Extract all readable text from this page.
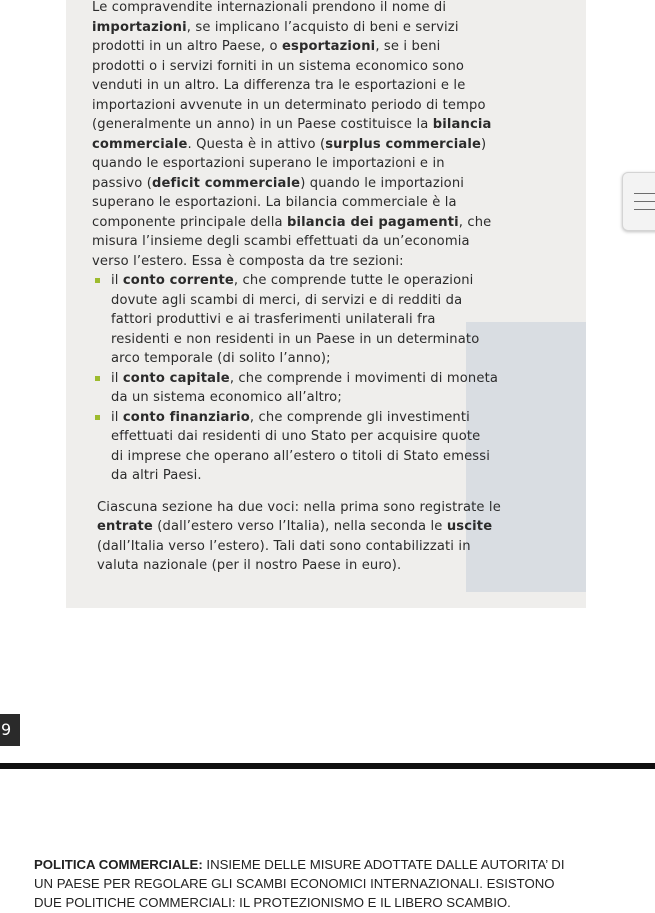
Le compravendite internazionali prendono il nome di
importazioni, se implicano l’acquisto di beni e servizi
prodotti in un altro Paese, o esportazioni, se i beni
prodotti o i servizi forniti in un sistema economico sono
venduti in un altro. La differenza tra le esportazioni e le
importazioni avvenute in un determinato periodo di tempo
(generalmente un anno) in un Paese costituisce la bilancia
commerciale. Questa è in attivo (surplus commerciale)
quando le esportazioni superano le importazioni e in
passivo (deficit commerciale) quando le importazioni
superano le esportazioni. La bilancia commerciale è la
componente principale della bilancia dei pagamenti, che
misura l’insieme degli scambi effettuati da un’economia
verso l’estero. Essa è composta da tre sezioni:
il conto corrente, che comprende tutte le operazioni
dovute agli scambi di merci, di servizi e di redditi da
fattori produttivi e ai trasferimenti unilaterali fra
residenti e non residenti in un Paese in un determinato
arco temporale (di solito l’anno);
il conto capitale, che comprende i movimenti di moneta
da un sistema economico all’altro;
il conto finanziario, che comprende gli investimenti
effettuati dai residenti di uno Stato per acquisire quote
di imprese che operano all’estero o titoli di Stato emessi
da altri Paesi.
Ciascuna sezione ha due voci: nella prima sono registrate le
entrate (dall’estero verso l’Italia), nella seconda le uscite
(dall’Italia verso l’estero). Tali dati sono contabilizzati in
valuta nazionale (per il nostro Paese in euro).
9
POLITICA COMMERCIALE: INSIEME DELLE MISURE ADOTTATE DALLE AUTORITA’ DI
UN PAESE PER REGOLARE GLI SCAMBI ECONOMICI INTERNAZIONALI. ESISTONO
DUE POLITICHE COMMERCIALI: IL PROTEZIONISMO E IL LIBERO SCAMBIO.
